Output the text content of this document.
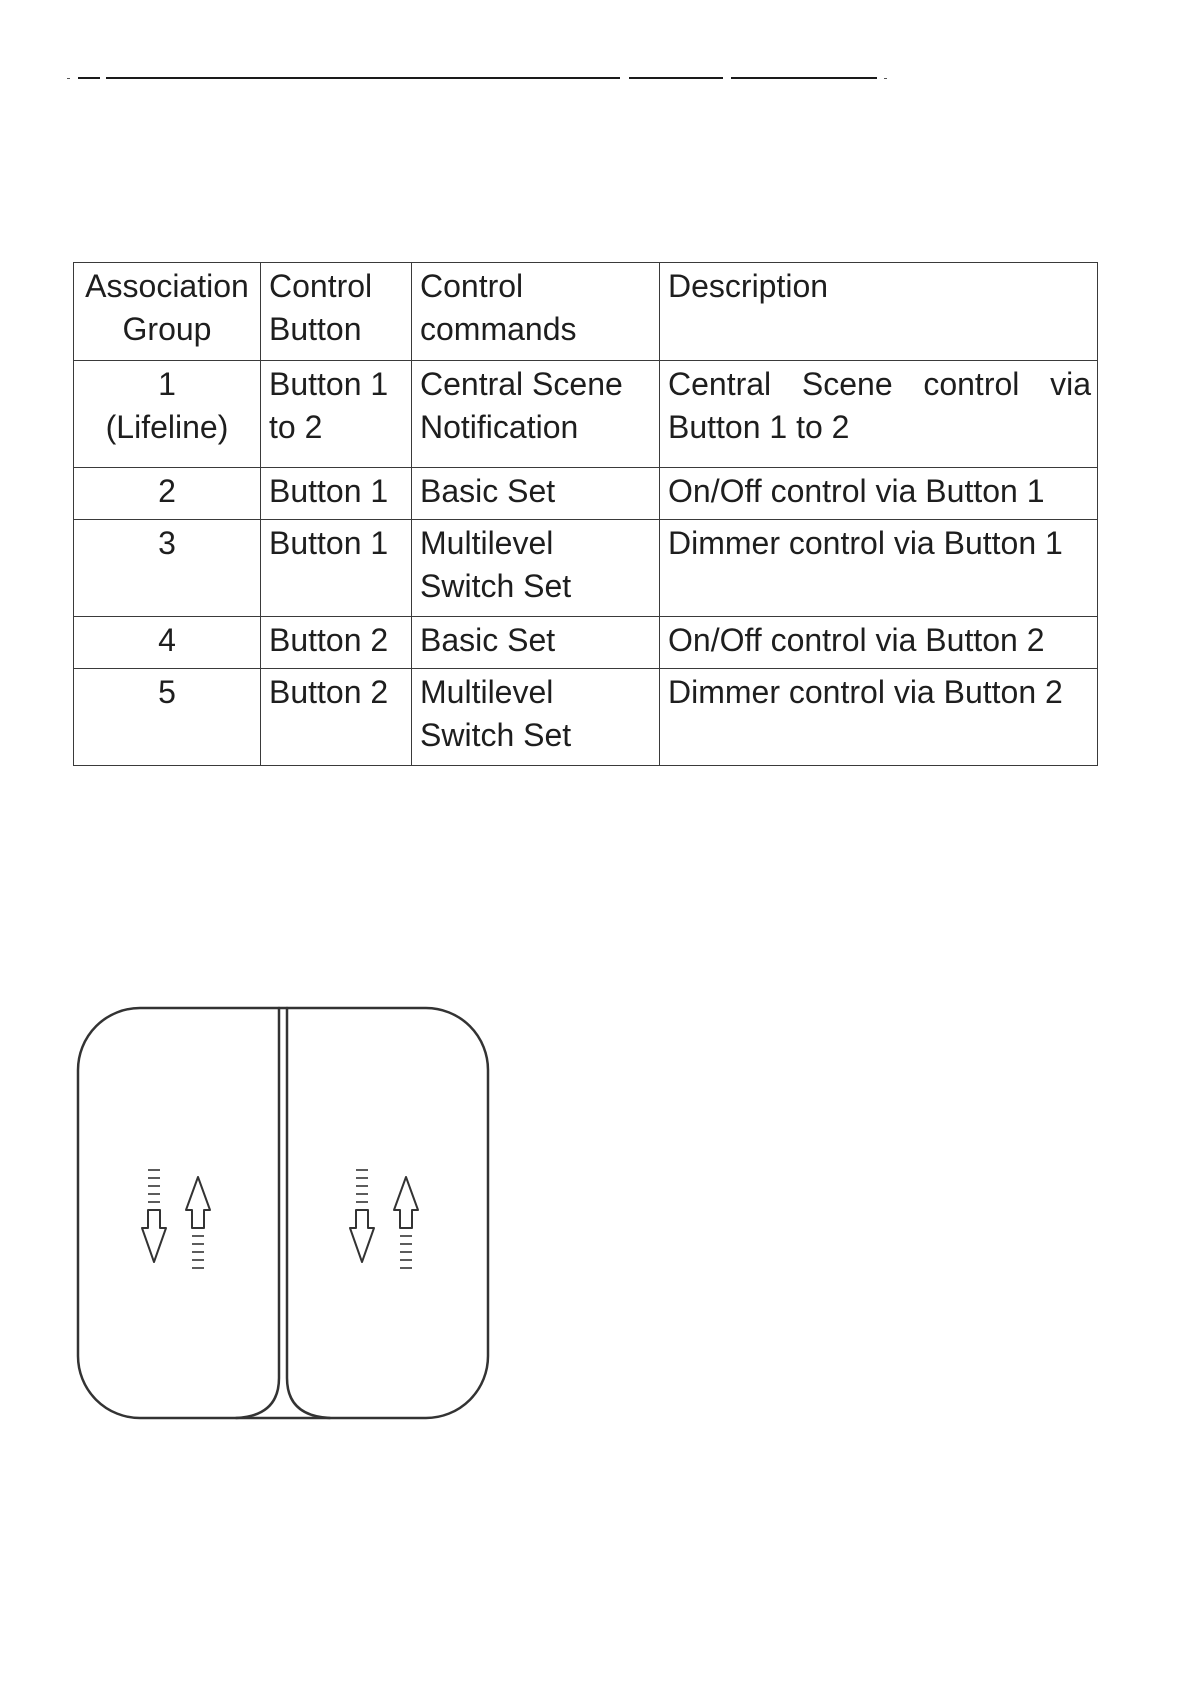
Association Group	Control Button	Control commands	Description

1
(Lifeline)	Button 1 to 2	Central Scene Notification	Central Scene control via Button 1 to 2
2	Button 1	Basic Set	On/Off control via Button 1
3	Button 1	Multilevel Switch Set	Dimmer control via Button 1
4	Button 2	Basic Set	On/Off control via Button 2
5	Button 2	Multilevel Switch Set	Dimmer control via Button 2
